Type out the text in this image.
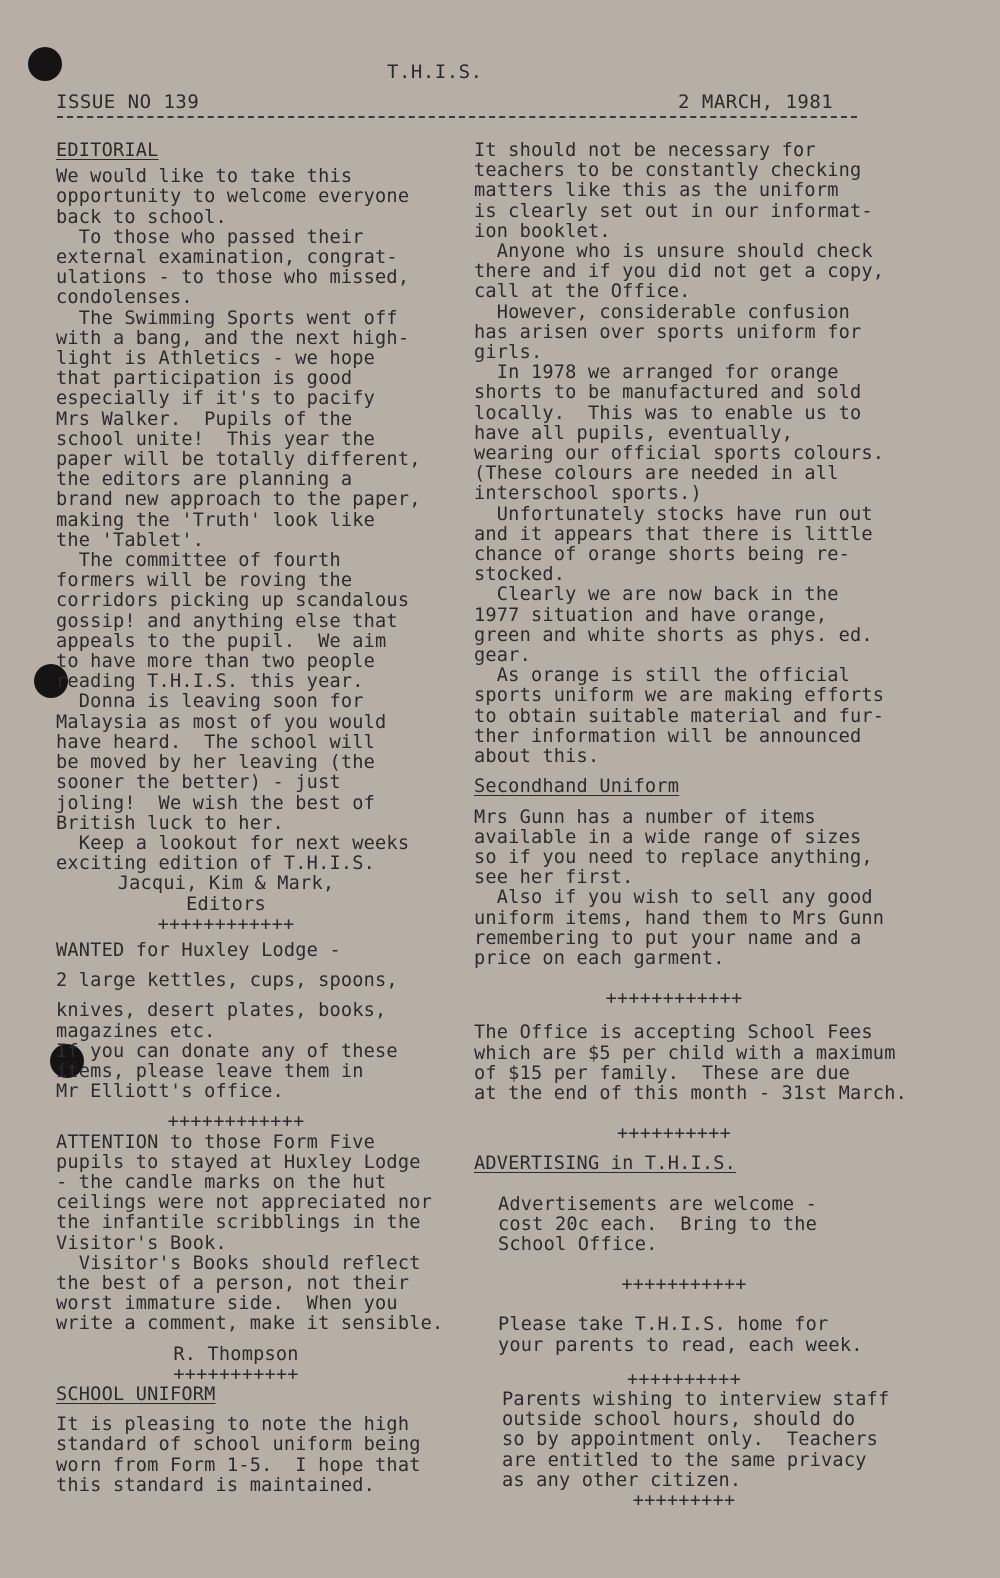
T.H.I.S.
ISSUE NO 139	2 MARCH, 1981

EDITORIAL

We would like to take this

opportunity to welcome everyone

back to school.

To those who passed their

external examination, congrat-

ulations - to those who missed,

condolenses.

The Swimming Sports went off

with a bang, and the next high-

light is Athletics - we hope

that participation is good

especially if it's to pacify

Mrs Walker.  Pupils of the

school unite!  This year the

paper will be totally different,

the editors are planning a

brand new approach to the paper,

making the 'Truth' look like

the 'Tablet'.

The committee of fourth

formers will be roving the

corridors picking up scandalous

gossip! and anything else that

appeals to the pupil.  We aim

to have more than two people

reading T.H.I.S. this year.

Donna is leaving soon for

Malaysia as most of you would

have heard.  The school will

be moved by her leaving (the

sooner the better) - just

joling!  We wish the best of

British luck to her.

Keep a lookout for next weeks

exciting edition of T.H.I.S.

Jacqui, Kim & Mark,

Editors

++++++++++++

WANTED for Huxley Lodge -

2 large kettles, cups, spoons,

knives, desert plates, books,

magazines etc.

If you can donate any of these

items, please leave them in

Mr Elliott's office.

++++++++++++

ATTENTION to those Form Five

pupils to stayed at Huxley Lodge

- the candle marks on the hut

ceilings were not appreciated nor

the infantile scribblings in the

Visitor's Book.

Visitor's Books should reflect

the best of a person, not their

worst immature side.  When you

write a comment, make it sensible.

R. Thompson

+++++++++++

SCHOOL UNIFORM

It is pleasing to note the high

standard of school uniform being

worn from Form 1-5.  I hope that

this standard is maintained.

It should not be necessary for

teachers to be constantly checking

matters like this as the uniform

is clearly set out in our informat-

ion booklet.

Anyone who is unsure should check

there and if you did not get a copy,

call at the Office.

However, considerable confusion

has arisen over sports uniform for

girls.

In 1978 we arranged for orange

shorts to be manufactured and sold

locally.  This was to enable us to

have all pupils, eventually,

wearing our official sports colours.

(These colours are needed in all

interschool sports.)

Unfortunately stocks have run out

and it appears that there is little

chance of orange shorts being re-

stocked.

Clearly we are now back in the

1977 situation and have orange,

green and white shorts as phys. ed.

gear.

As orange is still the official

sports uniform we are making efforts

to obtain suitable material and fur-

ther information will be announced

about this.

Secondhand Uniform

Mrs Gunn has a number of items

available in a wide range of sizes

so if you need to replace anything,

see her first.

Also if you wish to sell any good

uniform items, hand them to Mrs Gunn

remembering to put your name and a

price on each garment.

++++++++++++

The Office is accepting School Fees

which are $5 per child with a maximum

of $15 per family.  These are due

at the end of this month - 31st March.

++++++++++

ADVERTISING in T.H.I.S.

Advertisements are welcome -

cost 20c each.  Bring to the

School Office.

+++++++++++

Please take T.H.I.S. home for

your parents to read, each week.

++++++++++

Parents wishing to interview staff

outside school hours, should do

so by appointment only.  Teachers

are entitled to the same privacy

as any other citizen.

+++++++++
